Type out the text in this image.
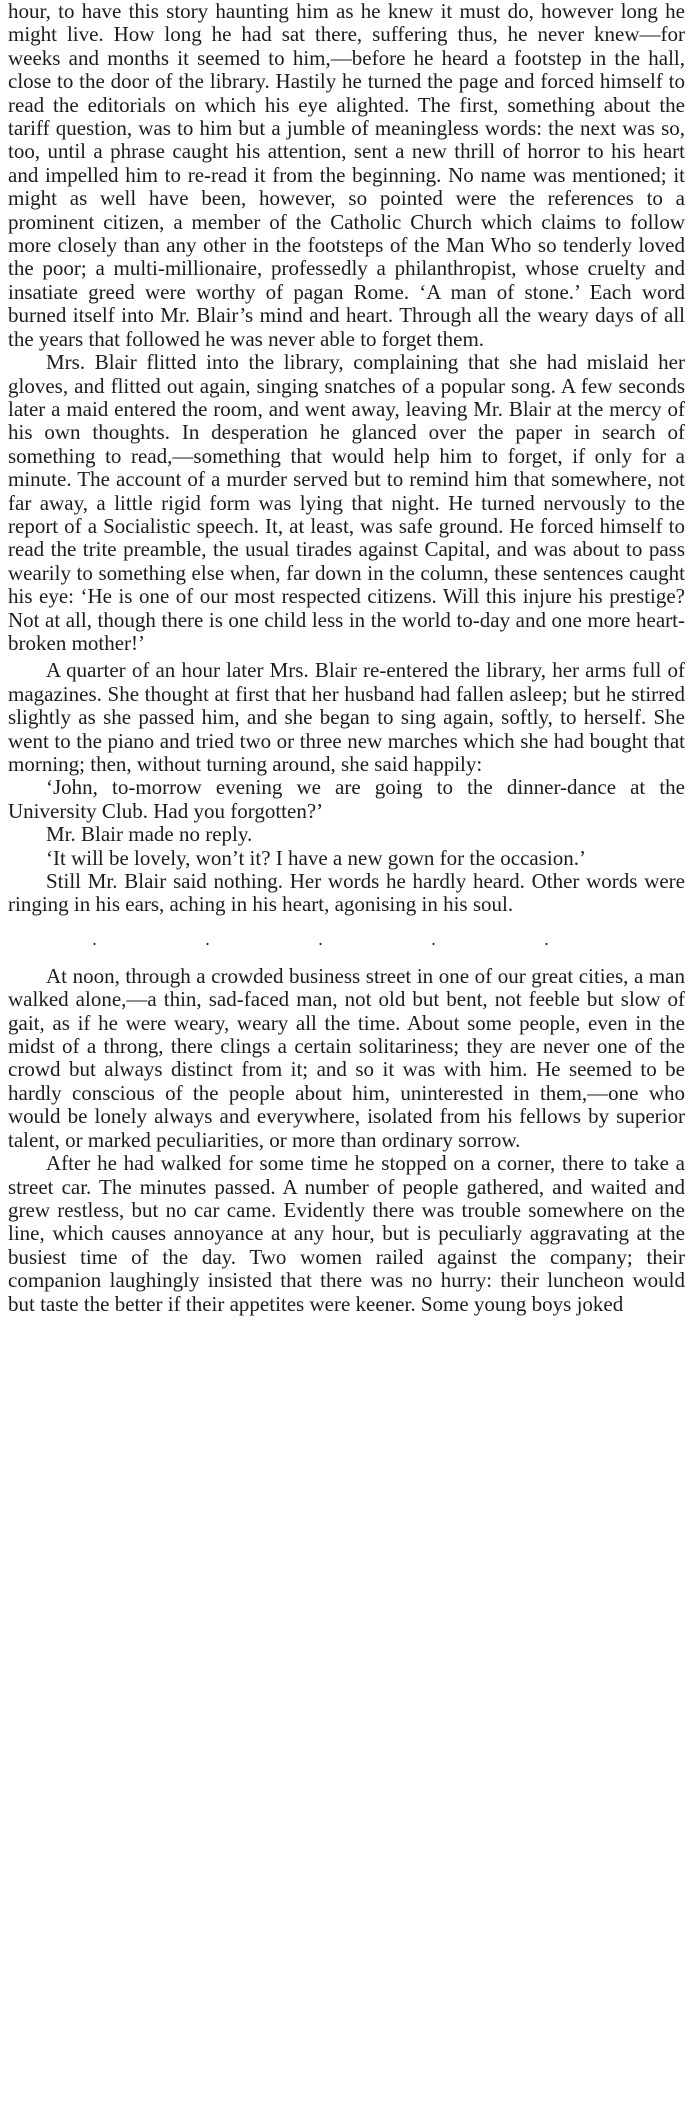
hour, to have this story haunting him as he knew it must do, however long he might live. How long he had sat there, suffering thus, he never knew—for weeks and months it seemed to him,—before he heard a footstep in the hall, close to the door of the library. Hastily he turned the page and forced himself to read the editorials on which his eye alighted. The first, something about the tariff question, was to him but a jumble of meaningless words: the next was so, too, until a phrase caught his attention, sent a new thrill of horror to his heart and impelled him to re-read it from the beginning. No name was mentioned; it might as well have been, however, so pointed were the references to a prominent citizen, a member of the Catholic Church which claims to follow more closely than any other in the footsteps of the Man Who so tenderly loved the poor; a multi-millionaire, professedly a philanthropist, whose cruelty and insatiate greed were worthy of pagan Rome. ‘A man of stone.’ Each word burned itself into Mr. Blair’s mind and heart. Through all the weary days of all the years that followed he was never able to forget them.

Mrs. Blair flitted into the library, complaining that she had mislaid her gloves, and flitted out again, singing snatches of a popular song. A few seconds later a maid entered the room, and went away, leaving Mr. Blair at the mercy of his own thoughts. In desperation he glanced over the paper in search of something to read,—something that would help him to forget, if only for a minute. The account of a murder served but to remind him that somewhere, not far away, a little rigid form was lying that night. He turned nervously to the report of a Socialistic speech. It, at least, was safe ground. He forced himself to read the trite preamble, the usual tirades against Capital, and was about to pass wearily to something else when, far down in the column, these sentences caught his eye: ‘He is one of our most respected citizens. Will this injure his prestige? Not at all, though there is one child less in the world to-day and one more heart-broken mother!’

A quarter of an hour later Mrs. Blair re-entered the library, her arms full of magazines. She thought at first that her husband had fallen asleep; but he stirred slightly as she passed him, and she began to sing again, softly, to herself. She went to the piano and tried two or three new marches which she had bought that morning; then, without turning around, she said happily:

‘John, to-morrow evening we are going to the dinner-dance at the University Club. Had you forgotten?’

Mr. Blair made no reply.

‘It will be lovely, won’t it? I have a new gown for the occasion.’

Still Mr. Blair said nothing. Her words he hardly heard. Other words were ringing in his ears, aching in his heart, agonising in his soul.

. . . . .

At noon, through a crowded business street in one of our great cities, a man walked alone,—a thin, sad-faced man, not old but bent, not feeble but slow of gait, as if he were weary, weary all the time. About some people, even in the midst of a throng, there clings a certain solitariness; they are never one of the crowd but always distinct from it; and so it was with him. He seemed to be hardly conscious of the people about him, uninterested in them,—one who would be lonely always and everywhere, isolated from his fellows by superior talent, or marked peculiarities, or more than ordinary sorrow.

After he had walked for some time he stopped on a corner, there to take a street car. The minutes passed. A number of people gathered, and waited and grew restless, but no car came. Evidently there was trouble somewhere on the line, which causes annoyance at any hour, but is peculiarly aggravating at the busiest time of the day. Two women railed against the company; their companion laughingly insisted that there was no hurry: their luncheon would but taste the better if their appetites were keener. Some young boys joked
